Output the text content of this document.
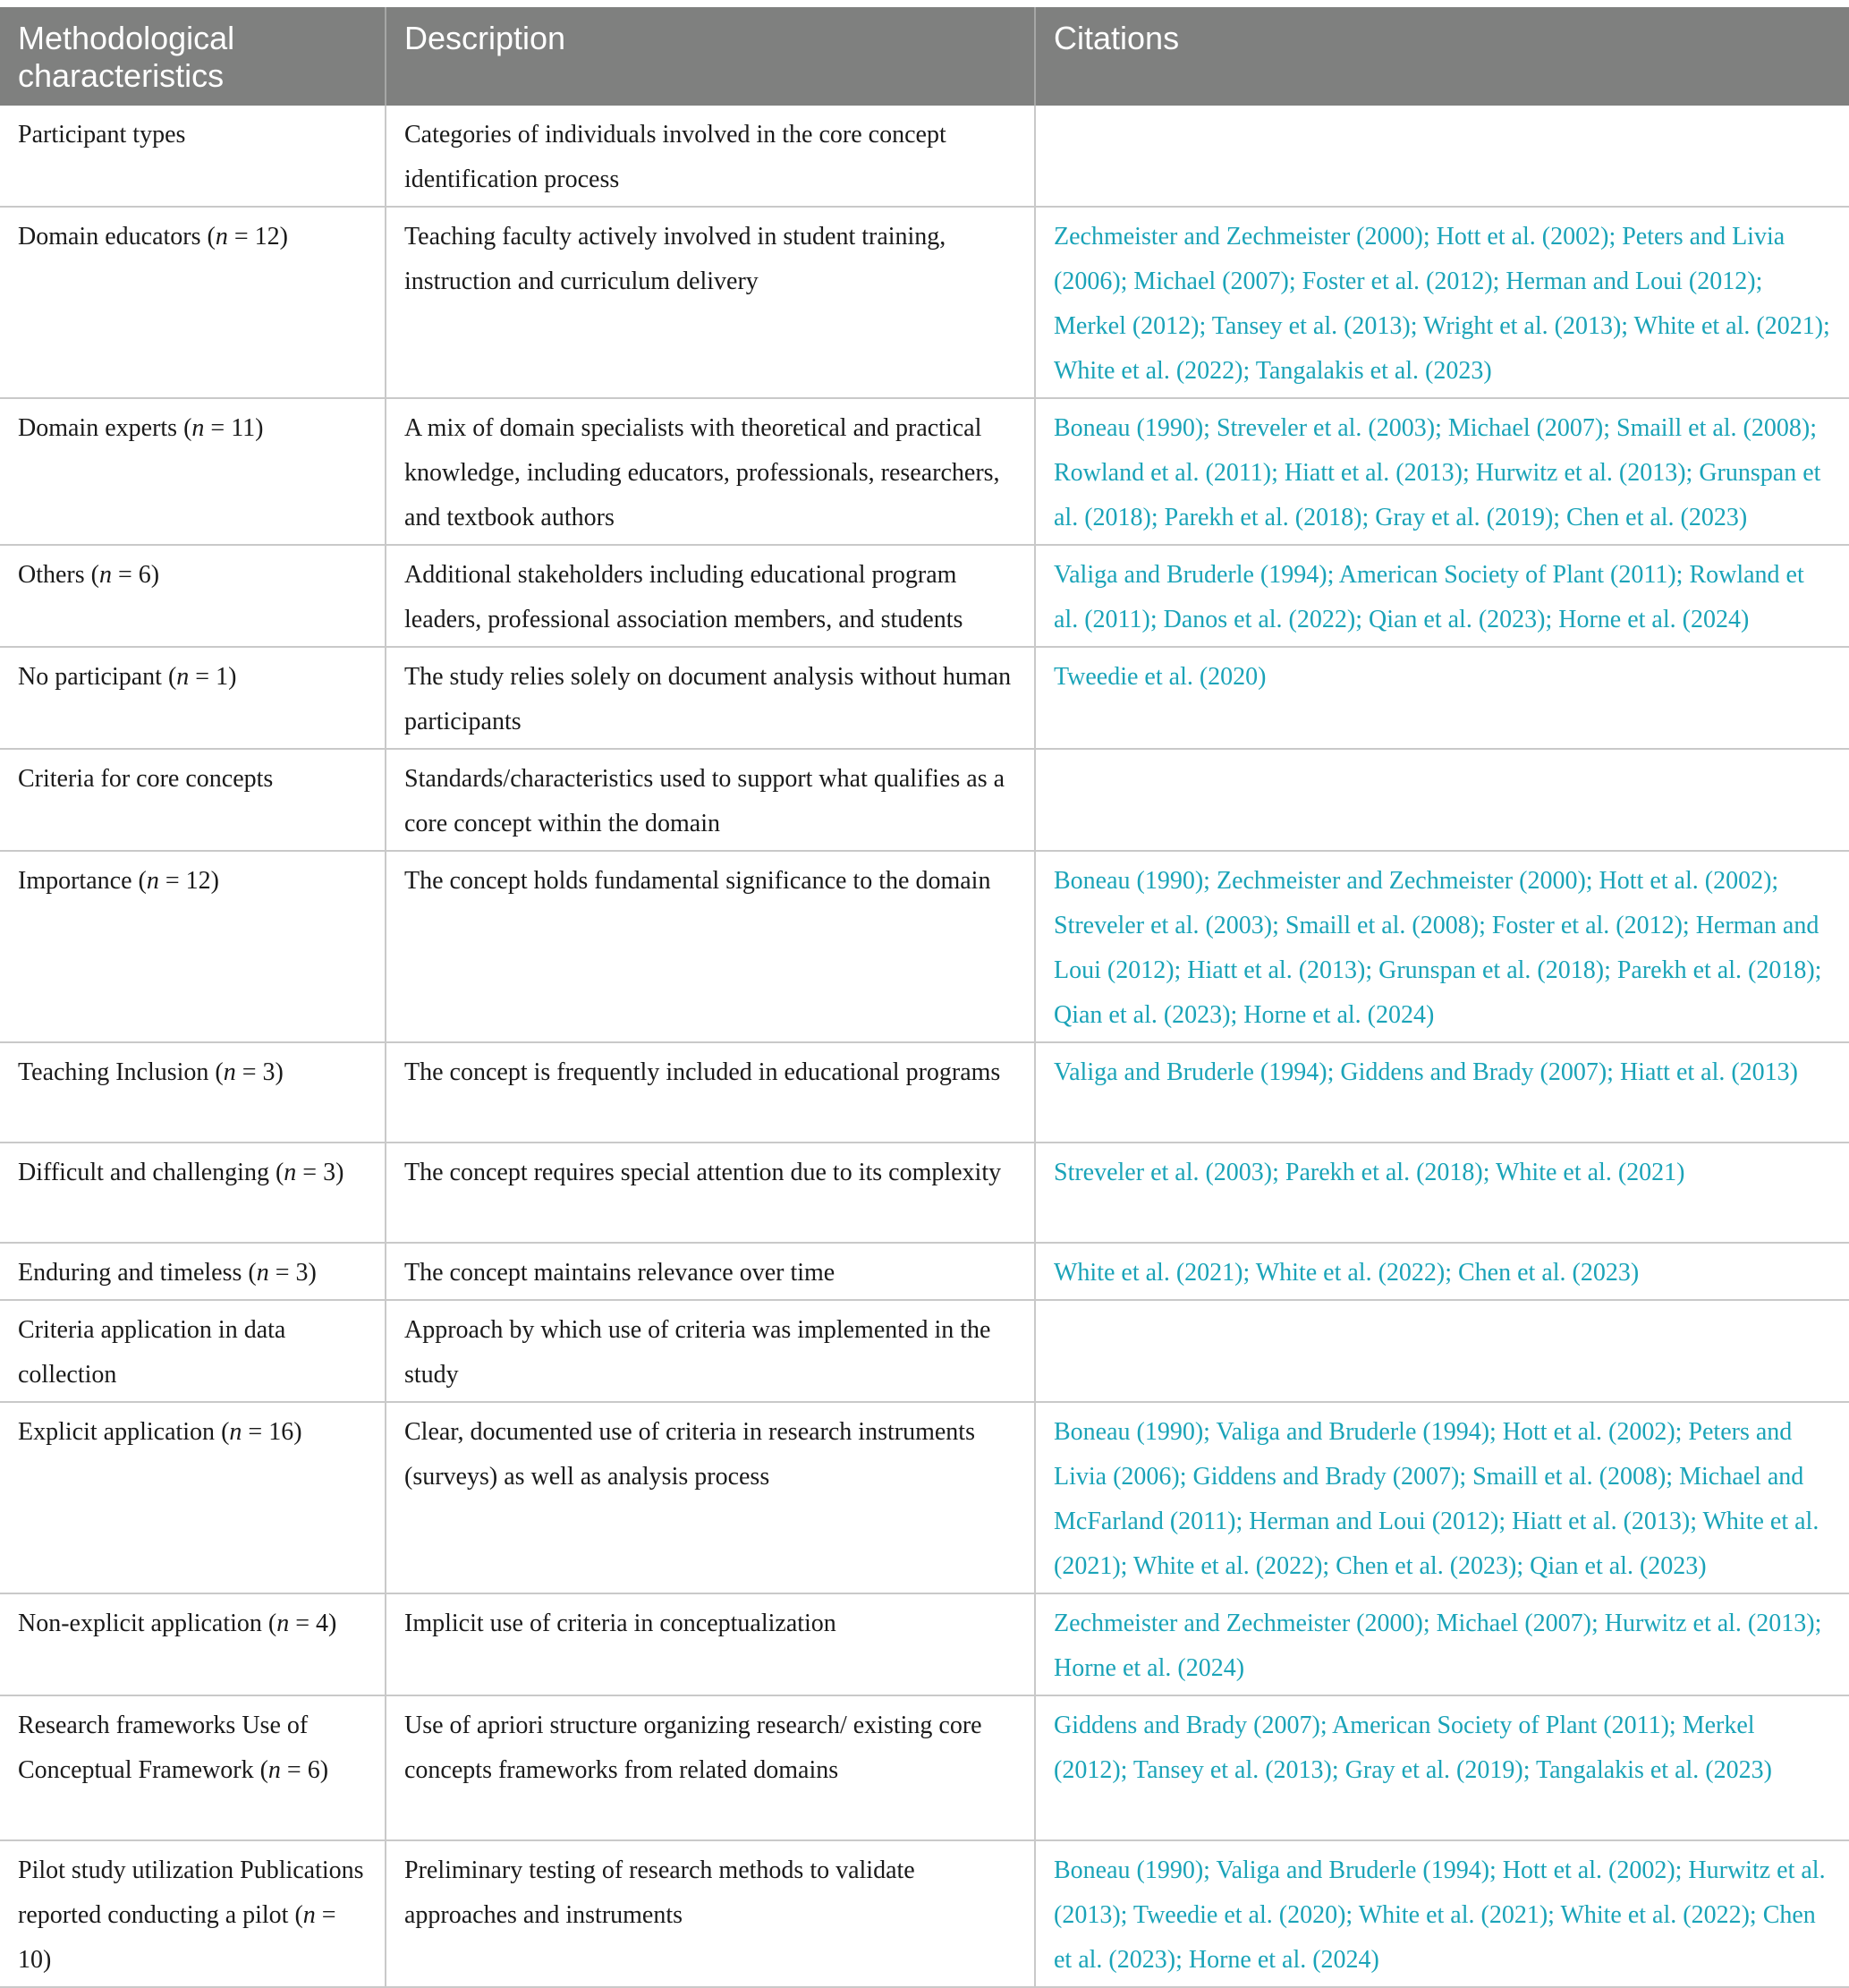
Methodological characteristics	Description	Citations
Participant types	Categories of individuals involved in the core concept identification process	
Domain educators (n = 12)	Teaching faculty actively involved in student training, instruction and curriculum delivery	Zechmeister and Zechmeister (2000); Hott et al. (2002); Peters and Livia (2006); Michael (2007); Foster et al. (2012); Herman and Loui (2012); Merkel (2012); Tansey et al. (2013); Wright et al. (2013); White et al. (2021); White et al. (2022); Tangalakis et al. (2023)
Domain experts (n = 11)	A mix of domain specialists with theoretical and practical knowledge, including educators, professionals, researchers, and textbook authors	Boneau (1990); Streveler et al. (2003); Michael (2007); Smaill et al. (2008); Rowland et al. (2011); Hiatt et al. (2013); Hurwitz et al. (2013); Grunspan et al. (2018); Parekh et al. (2018); Gray et al. (2019); Chen et al. (2023)
Others (n = 6)	Additional stakeholders including educational program leaders, professional association members, and students	Valiga and Bruderle (1994); American Society of Plant (2011); Rowland et al. (2011); Danos et al. (2022); Qian et al. (2023); Horne et al. (2024)
No participant (n = 1)	The study relies solely on document analysis without human participants	Tweedie et al. (2020)
Criteria for core concepts	Standards/characteristics used to support what qualifies as a core concept within the domain	
Importance (n = 12)	The concept holds fundamental significance to the domain	Boneau (1990); Zechmeister and Zechmeister (2000); Hott et al. (2002); Streveler et al. (2003); Smaill et al. (2008); Foster et al. (2012); Herman and Loui (2012); Hiatt et al. (2013); Grunspan et al. (2018); Parekh et al. (2018); Qian et al. (2023); Horne et al. (2024)
Teaching Inclusion (n = 3)	The concept is frequently included in educational programs	Valiga and Bruderle (1994); Giddens and Brady (2007); Hiatt et al. (2013)
Difficult and challenging (n = 3)	The concept requires special attention due to its complexity	Streveler et al. (2003); Parekh et al. (2018); White et al. (2021)
Enduring and timeless (n = 3)	The concept maintains relevance over time	White et al. (2021); White et al. (2022); Chen et al. (2023)
Criteria application in data collection	Approach by which use of criteria was implemented in the study	
Explicit application (n = 16)	Clear, documented use of criteria in research instruments (surveys) as well as analysis process	Boneau (1990); Valiga and Bruderle (1994); Hott et al. (2002); Peters and Livia (2006); Giddens and Brady (2007); Smaill et al. (2008); Michael and McFarland (2011); Herman and Loui (2012); Hiatt et al. (2013); White et al. (2021); White et al. (2022); Chen et al. (2023); Qian et al. (2023)
Non-explicit application (n = 4)	Implicit use of criteria in conceptualization	Zechmeister and Zechmeister (2000); Michael (2007); Hurwitz et al. (2013); Horne et al. (2024)
Research frameworks Use of Conceptual Framework (n = 6)	Use of apriori structure organizing research/ existing core concepts frameworks from related domains	Giddens and Brady (2007); American Society of Plant (2011); Merkel (2012); Tansey et al. (2013); Gray et al. (2019); Tangalakis et al. (2023)
Pilot study utilization Publications reported conducting a pilot (n = 10)	Preliminary testing of research methods to validate approaches and instruments	Boneau (1990); Valiga and Bruderle (1994); Hott et al. (2002); Hurwitz et al. (2013); Tweedie et al. (2020); White et al. (2021); White et al. (2022); Chen et al. (2023); Horne et al. (2024)
